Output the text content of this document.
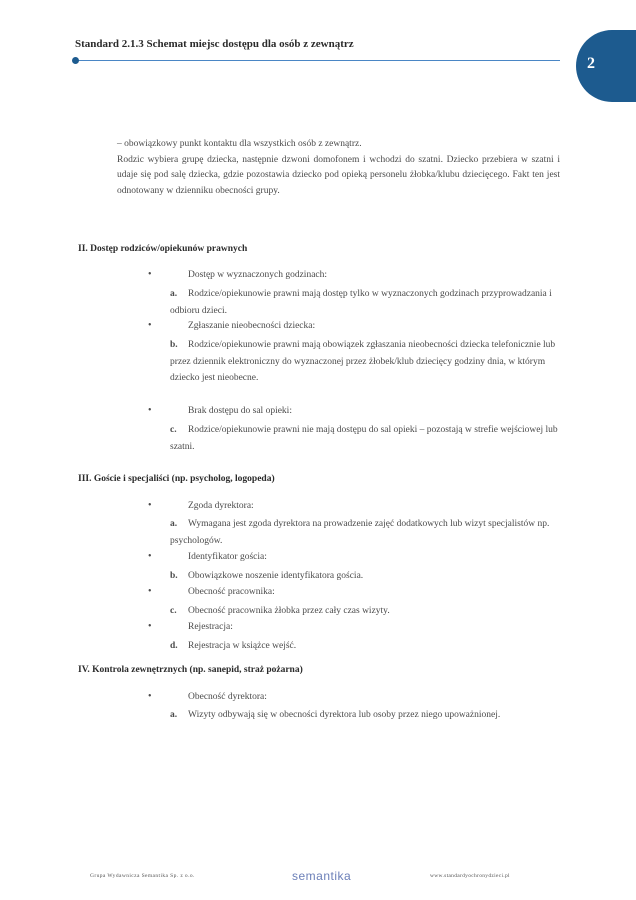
Standard 2.1.3 Schemat miejsc dostępu dla osób z zewnątrz
2

– obowiązkowy punkt kontaktu dla wszystkich osób z zewnątrz.

Rodzic wybiera grupę dziecka, następnie dzwoni domofonem i wchodzi do szatni. Dziecko przebiera w szatni i udaje się pod salę dziecka, gdzie pozostawia dziecko pod opieką personelu żłobka/klubu dziecięcego. Fakt ten jest odnotowany w dzienniku obecności grupy.

II. Dostęp rodziców/opiekunów prawnych
•	Dostęp w wyznaczonych godzinach:
a. Rodzice/opiekunowie prawni mają dostęp tylko w wyznaczonych godzinach przyprowadzania i odbioru dzieci.
•	Zgłaszanie nieobecności dziecka:
b. Rodzice/opiekunowie prawni mają obowiązek zgłaszania nieobecności dziecka telefonicznie lub przez dziennik elektroniczny do wyznaczonej przez żłobek/klub dziecięcy godziny dnia, w którym dziecko jest nieobecne.
•	Brak dostępu do sal opieki:
c. Rodzice/opiekunowie prawni nie mają dostępu do sal opieki – pozostają w strefie wejściowej lub szatni.
III. Goście i specjaliści (np. psycholog, logopeda)
•	Zgoda dyrektora:
a. Wymagana jest zgoda dyrektora na prowadzenie zajęć dodatkowych lub wizyt specjalistów np. psychologów.
•	Identyfikator gościa:
b. Obowiązkowe noszenie identyfikatora gościa.
•	Obecność pracownika:
c. Obecność pracownika żłobka przez cały czas wizyty.
•	Rejestracja:
d. Rejestracja w książce wejść.
IV. Kontrola zewnętrznych (np. sanepid, straż pożarna)
•	Obecność dyrektora:
a. Wizyty odbywają się w obecności dyrektora lub osoby przez niego upoważnionej.
Grupa Wydawnicza Semantika Sp. z o.o.	semantika	www.standardyochronydzieci.pl
